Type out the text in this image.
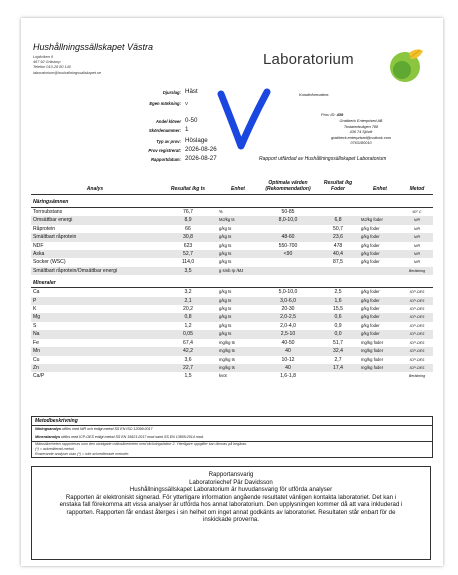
Hushållningssällskapet Västra
Lojdiviken 6
467 92 Grästorp
Telefon 010-28 80 140
laboratorium@hushallningssallskapet.se
Laboratorium
Kundinformation:
Prov ID: 439
Grattbeck Enterprised AB
Tostaredsvägen 788
436 74 Sjövik
grattbeck.enterprised@outlook.com
0763180010
Djurslag: Häst
Egen märkning: V
Andel klöver 0-50
Skördenummer: 1
Typ av prov: Höslage
Prov registrerat: 2026-08-26
Rapportdatum: 2026-08-27	Rapport utfärdad av Hushållningssällskapet Laboratorium
Analys	Resultat /kg ts	Enhet	Optimala värden (Rekommendation)	Resultat /kg Foder	Enhet	Metod
Näringsämnen						
Torrsubstans	76,7	%	50-85			60° C
Omsättbar energi	8,9	MJ/kg ts	8,0-10,0	6,8	MJ/kg foder	NIR
Råprotein	66	g/kg ts		50,7	g/kg foder	NIR
Smältbart råprotein	30,8	g/kg ts	48-60	23,6	g/kg foder	NIR
NDF	623	g/kg ts	550-700	478	g/kg foder	NIR
Aska	52,7	g/kg ts	<90	40,4	g/kg foder	NIR
Socker (WSC)	114,0	g/kg ts		87,5	g/kg foder	NIR
Smältbart råprotein/Omsättbar energi	3,5	g smb rp /MJ				Beräkning
Mineraler						
Ca	3,2	g/kg ts	5,0-10,0	2,5	g/kg foder	ICP-OES
P	2,1	g/kg ts	3,0-6,0	1,6	g/kg foder	ICP-OES
K	20,2	g/kg ts	20-30	15,5	g/kg foder	ICP-OES
Mg	0,8	g/kg ts	2,0-2,5	0,6	g/kg foder	ICP-OES
S	1,2	g/kg ts	2,0-4,0	0,9	g/kg foder	ICP-OES
Na	0,05	g/kg ts	2,5-10	0,0	g/kg foder	ICP-OES
Fe	67,4	mg/kg ts	40-50	51,7	mg/kg foder	ICP-OES
Mn	42,2	mg/kg ts	40	32,4	mg/kg foder	ICP-OES
Cu	3,6	mg/kg ts	10-12	2,7	mg/kg foder	ICP-OES
Zn	22,7	mg/kg ts	40	17,4	mg/kg foder	ICP-OES
Ca/P	1,5	kvot	1,6-1,8			Beräkning
Metodbeskrivning
Näringsanalys utförs med NIR och enligt metod SS EN ISO 12099:2017
Mineralanalys utförs med ICP-OES enligt metod SS EN 15621:2017 mod samt SS EN 13805:2014 mod.
Mätosäkerheten rapporteras som den utvidgade mätosäkerheten med täckningsfaktor 2. Ytterligare uppgifter kan lämnas på begäran.
(*) = ackrediterad metod.
Rosterande analyser utan (*) = icke ackrediterade metoder.
Rapportansvarig
Laboratoriechef Pär Davidsson
Hushållningssällskapet Laboratorium är huvudansvarig för utförda analyser
Rapporten är elektroniskt signerad. För ytterligare information angående resultatet vänligen kontakta laboratoriet. Det kan i
enstaka fall förekomma att vissa analyser är utförda hos annat laboratorium. Den upplysningen kommer då att vara inkluderad i
rapporten. Rapporten får endast återges i sin helhet om inget annat godkänts av laboratoriet. Resultaten står enbart för de
inskickade proverna.
